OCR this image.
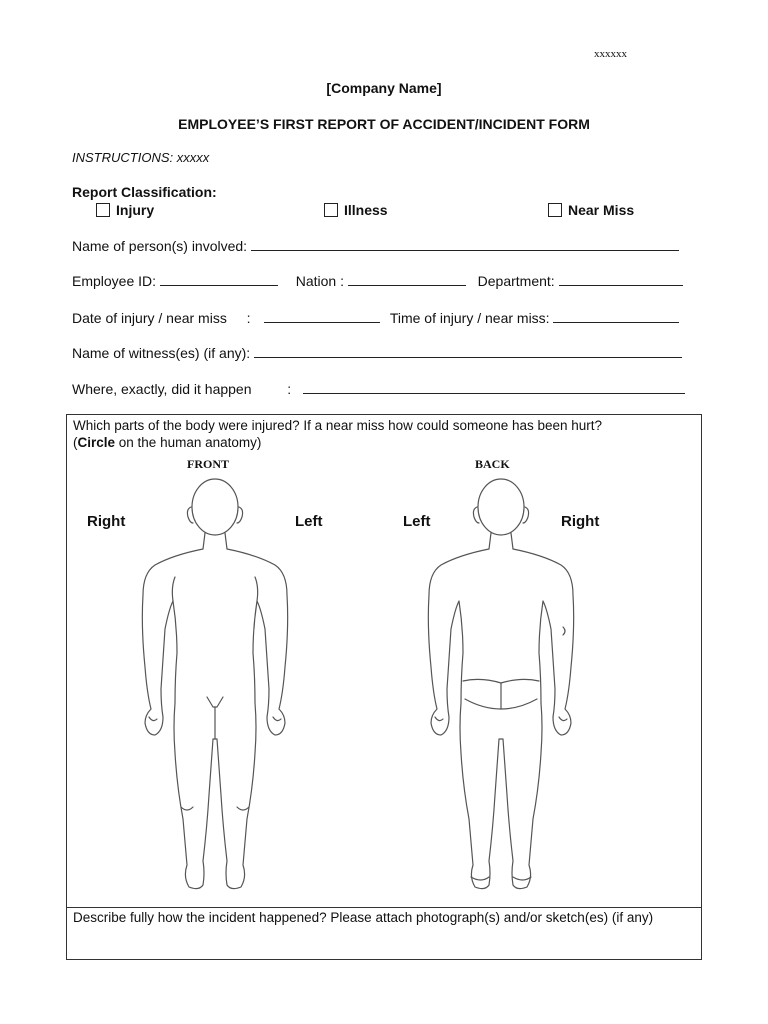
xxxxxx
[Company Name]
EMPLOYEE’S FIRST REPORT OF ACCIDENT/INCIDENT FORM
INSTRUCTIONS: xxxxx
Report Classification:
Injury	Illness	Near Miss
Name of person(s) involved:
Employee ID:	Nation :	Department:
Date of injury / near miss :	Time of injury / near miss:
Name of witness(es) (if any):
Where, exactly, did it happen	:
Which parts of the body were injured? If a near miss how could someone has been hurt?
(Circle on the human anatomy)
FRONT	BACK
Right	Left	Left	Right
Describe fully how the incident happened? Please attach photograph(s) and/or sketch(es) (if any)
